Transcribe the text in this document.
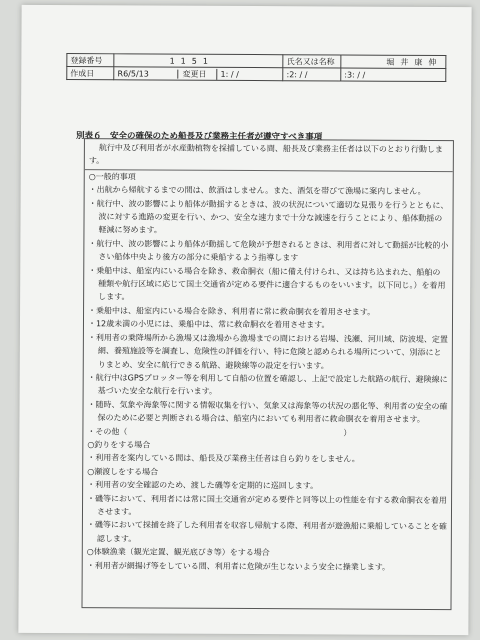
登録番号	1151	氏名又は名称	堀井康伸
作成日	R6/5/13 変更日 1: / /	:2: / /	:3: / /
別表６　安全の確保のため船長及び業務主任者が遵守すべき事項

航行中及び利用者が水産動植物を採捕している間、船長及び業務主任者は以下のとおり行動します。

○一般的事項

・出航から帰航するまでの間は、飲酒はしません。また、酒気を帯びて漁場に案内しません。

・航行中、波の影響により船体が動揺するときは、波の状況について適切な見張りを行うとともに、波に対する進路の変更を行い、かつ、安全な速力まで十分な減速を行うことにより、船体動揺の軽減に努めます。

・航行中、波の影響により船体が動揺して危険が予想されるときは、利用者に対して動揺が比較的小さい船体中央より後方の部分に乗船するよう指導します

・乗船中は、船室内にいる場合を除き、救命胴衣（船に備え付けられ、又は持ち込まれた、船舶の種類や航行区域に応じて国土交通省が定める要件に適合するものをいいます。以下同じ。）を着用します。

・乗船中は、船室内にいる場合を除き、利用者に常に救命胴衣を着用させます。

・12歳未満の小児には、乗船中は、常に救命胴衣を着用させます。

・利用者の乗降場所から漁場又は漁場から漁場までの間における岩場、浅瀬、河川域、防波堤、定置網、養殖施設等を調査し、危険性の評価を行い、特に危険と認められる場所について、別添にとりまとめ、安全に航行できる航路、避険線等の設定を行います。

・航行中はGPSプロッター等を利用して自船の位置を確認し、上記で設定した航路の航行、避険線に基づいた安全な航行を行います。

・随時、気象や海象等に関する情報収集を行い、気象又は海象等の状況の悪化等、利用者の安全の確保のために必要と判断される場合は、船室内においても利用者に救命胴衣を着用させます。

・その他（　　　　　　　　　　　　　　　　　　　　　　　　　　　）

○釣りをする場合

・利用者を案内している間は、船長及び業務主任者は自ら釣りをしません。

○瀬渡しをする場合

・利用者の安全確認のため、渡した磯等を定期的に巡回します。

・磯等において、利用者には常に国土交通省が定める要件と同等以上の性能を有する救命胴衣を着用させます。

・磯等において採捕を終了した利用者を収容し帰航する際、利用者が遊漁船に乗船していることを確認します。

○体験漁業（観光定置、観光底びき等）をする場合

・利用者が網揚げ等をしている間、利用者に危険が生じないよう安全に操業します。
